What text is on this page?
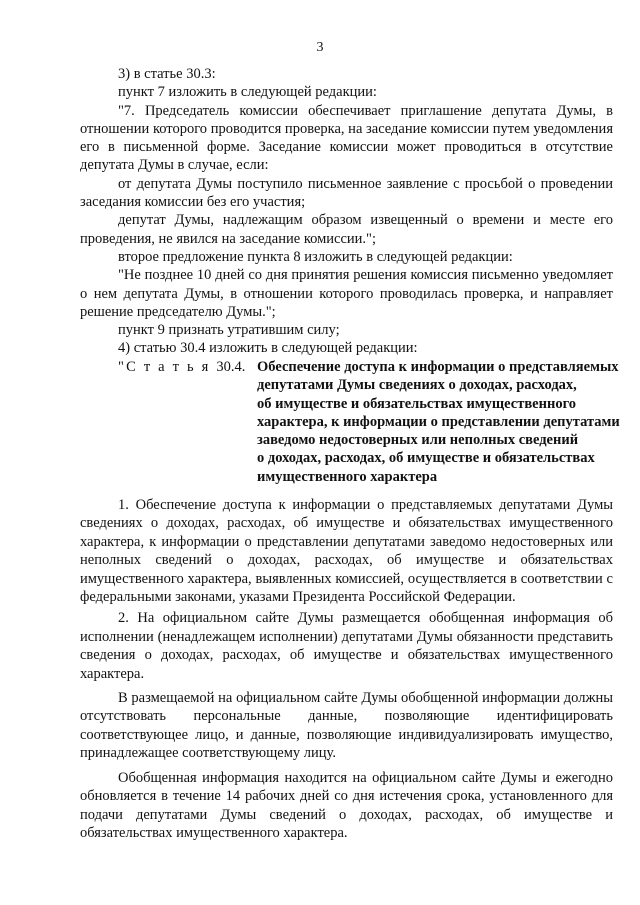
3

3) в статье 30.3:

пункт 7 изложить в следующей редакции:

"7. Председатель комиссии обеспечивает приглашение депутата Думы, в отношении которого проводится проверка, на заседание комиссии путем уведомления его в письменной форме. Заседание комиссии может проводиться в отсутствие депутата Думы в случае, если:

от депутата Думы поступило письменное заявление с просьбой о проведении заседания комиссии без его участия;

депутат Думы, надлежащим образом извещенный о времени и месте его проведения, не явился на заседание комиссии.";

второе предложение пункта 8 изложить в следующей редакции:

"Не позднее 10 дней со дня принятия решения комиссия письменно уведомляет о нем депутата Думы, в отношении которого проводилась проверка, и направляет решение председателю Думы.";

пункт 9 признать утратившим силу;

4) статью 30.4 изложить в следующей редакции:

"С т а т ь я 30.4. Обеспечение доступа к информации о представляемых
депутатами Думы сведениях о доходах, расходах,
об имуществе и обязательствах имущественного
характера, к информации о представлении депутатами
заведомо недостоверных или неполных сведений
о доходах, расходах, об имуществе и обязательствах
имущественного характера

1. Обеспечение доступа к информации о представляемых депутатами Думы сведениях о доходах, расходах, об имуществе и обязательствах имущественного характера, к информации о представлении депутатами заведомо недостоверных или неполных сведений о доходах, расходах, об имуществе и обязательствах имущественного характера, выявленных комиссией, осуществляется в соответствии с федеральными законами, указами Президента Российской Федерации.

2. На официальном сайте Думы размещается обобщенная информация об исполнении (ненадлежащем исполнении) депутатами Думы обязанности представить сведения о доходах, расходах, об имуществе и обязательствах имущественного характера.

В размещаемой на официальном сайте Думы обобщенной информации должны отсутствовать персональные данные, позволяющие идентифицировать соответствующее лицо, и данные, позволяющие индивидуализировать имущество, принадлежащее соответствующему лицу.

Обобщенная информация находится на официальном сайте Думы и ежегодно обновляется в течение 14 рабочих дней со дня истечения срока, установленного для подачи депутатами Думы сведений о доходах, расходах, об имуществе и обязательствах имущественного характера.
